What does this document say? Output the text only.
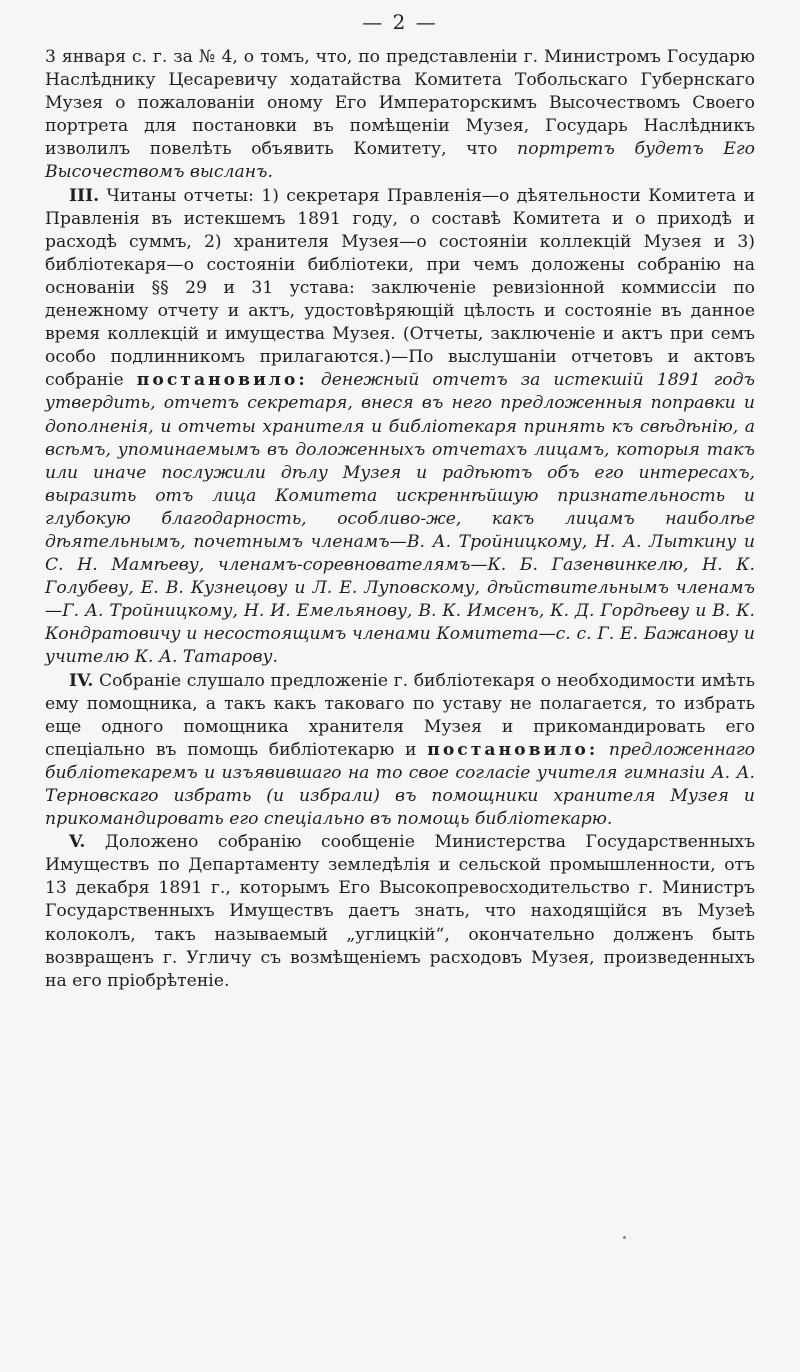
— 2 —

3 января с. г. за № 4, о томъ, что, по представленіи г. Министромъ Государю Наслѣднику Цесаревичу ходатайства Комитета Тобольскаго Губернскаго Музея о пожалованіи оному Его Императорскимъ Высочествомъ Своего портрета для постановки въ помѣщеніи Музея, Государь Наслѣдникъ изволилъ повелѣть объявить Комитету, что портретъ будетъ Его Высочествомъ высланъ.

III. Читаны отчеты: 1) секретаря Правленія—о дѣятельности Комитета и Правленія въ истекшемъ 1891 году, о составѣ Комитета и о приходѣ и расходѣ суммъ, 2) хранителя Музея—о состояніи коллекцій Музея и 3) библіотекаря—о состояніи библіотеки, при чемъ доложены собранію на основаніи §§ 29 и 31 устава: заключеніе ревизіонной коммиссіи по денежному отчету и актъ, удостовѣряющій цѣлость и состояніе въ данное время коллекцій и имущества Музея. (Отчеты, заключеніе и актъ при семъ особо подлинникомъ прилагаются.)—По выслушаніи отчетовъ и актовъ собраніе постановило: денежный отчетъ за истекшій 1891 годъ утвердить, отчетъ секретаря, внеся въ него предложенныя поправки и дополненія, и отчеты хранителя и библіотекаря принять къ свѣдѣнію, а всѣмъ, упоминаемымъ въ доложенныхъ отчетахъ лицамъ, которыя такъ или иначе послужили дѣлу Музея и радѣютъ объ его интересахъ, выразить отъ лица Комитета искреннѣйшую признательность и глубокую благодарность, особливо-же, какъ лицамъ наиболѣе дѣятельнымъ, почетнымъ членамъ—В. А. Тройницкому, Н. А. Лыткину и С. Н. Мамѣеву, членамъ-соревнователямъ—К. Б. Газенвинкелю, Н. К. Голубеву, Е. В. Кузнецову и Л. Е. Луповскому, дѣйствительнымъ членамъ—Г. А. Тройницкому, Н. И. Емельянову, В. К. Имсенъ, К. Д. Гордѣеву и В. К. Кондратовичу и несостоящимъ членами Комитета—с. с. Г. Е. Бажанову и учителю К. А. Татарову.

IV. Собраніе слушало предложеніе г. библіотекаря о необходимости имѣть ему помощника, а такъ какъ таковаго по уставу не полагается, то избрать еще одного помощника хранителя Музея и прикомандировать его спеціально въ помощь библіотекарю и постановило: предложеннаго библіотекаремъ и изъявившаго на то свое согласіе учителя гимназіи А. А. Терновскаго избрать (и избрали) въ помощники хранителя Музея и прикомандировать его спеціально въ помощь библіотекарю.

V. Доложено собранію сообщеніе Министерства Государственныхъ Имуществъ по Департаменту земледѣлія и сельской промышленности, отъ 13 декабря 1891 г., которымъ Его Высокопревосходительство г. Министръ Государственныхъ Имуществъ даетъ знать, что находящійся въ Музеѣ колоколъ, такъ называемый „углицкій“, окончательно долженъ быть возвращенъ г. Угличу съ возмѣщеніемъ расходовъ Музея, произведенныхъ на его пріобрѣтеніе.
